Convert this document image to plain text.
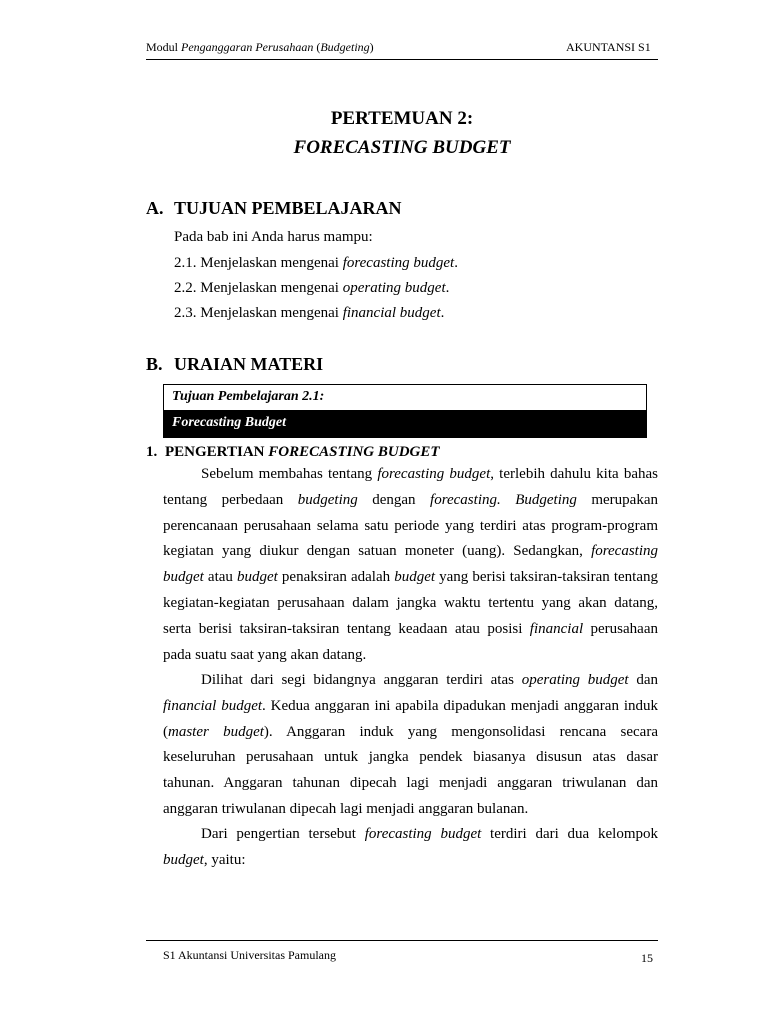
Modul Penganggaran Perusahaan (Budgeting)	AKUNTANSI S1
PERTEMUAN 2:
FORECASTING BUDGET
A. TUJUAN PEMBELAJARAN
Pada bab ini Anda harus mampu:
2.1. Menjelaskan mengenai forecasting budget.
2.2. Menjelaskan mengenai operating budget.
2.3. Menjelaskan mengenai financial budget.
B. URAIAN MATERI
Tujuan Pembelajaran 2.1:
Forecasting Budget
1. PENGERTIAN FORECASTING BUDGET

Sebelum membahas tentang forecasting budget, terlebih dahulu kita bahas tentang perbedaan budgeting dengan forecasting. Budgeting merupakan perencanaan perusahaan selama satu periode yang terdiri atas program-program kegiatan yang diukur dengan satuan moneter (uang). Sedangkan, forecasting budget atau budget penaksiran adalah budget yang berisi taksiran-taksiran tentang kegiatan-kegiatan perusahaan dalam jangka waktu tertentu yang akan datang, serta berisi taksiran-taksiran tentang keadaan atau posisi financial perusahaan pada suatu saat yang akan datang.

Dilihat dari segi bidangnya anggaran terdiri atas operating budget dan financial budget. Kedua anggaran ini apabila dipadukan menjadi anggaran induk (master budget). Anggaran induk yang mengonsolidasi rencana secara keseluruhan perusahaan untuk jangka pendek biasanya disusun atas dasar tahunan. Anggaran tahunan dipecah lagi menjadi anggaran triwulanan dan anggaran triwulanan dipecah lagi menjadi anggaran bulanan.

Dari pengertian tersebut forecasting budget terdiri dari dua kelompok budget, yaitu:

S1 Akuntansi Universitas Pamulang	15
